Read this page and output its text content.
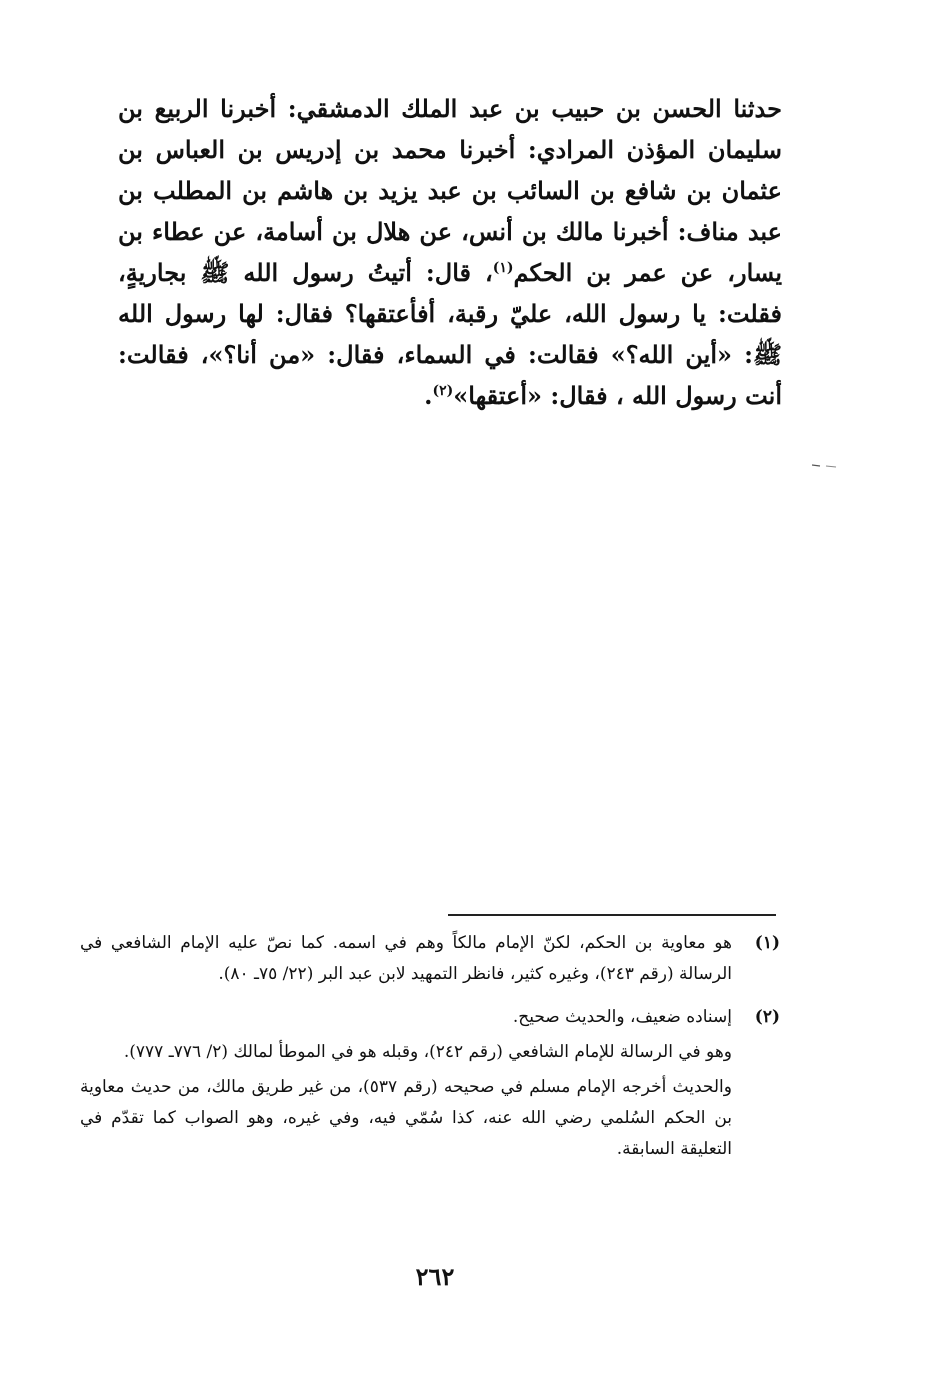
حدثنا الحسن بن حبيب بن عبد الملك الدمشقي: أخبرنا الربيع بن سليمان المؤذن المرادي: أخبرنا محمد بن إدريس بن العباس بن عثمان بن شافع بن السائب بن عبد يزيد بن هاشم بن المطلب بن عبد مناف: أخبرنا مالك بن أنس، عن هلال بن أسامة، عن عطاء بن يسار، عن عمر بن الحكم$^{(١)}$، قال: أتيتُ رسول الله ﷺ بجاريةٍ، فقلت: يا رسول الله، عليّ رقبة، أفأعتقها؟ فقال: لها رسول الله ﷺ: «أين الله؟» فقالت: في السماء، فقال: «من أنا؟»، فقالت: أنت رسول الله ، فقال: «أعتقها»$^{(٢)}$.

(١)

هو معاوية بن الحكم، لكنّ الإمام مالكاً وهم في اسمه. كما نصّ عليه الإمام الشافعي في الرسالة (رقم ٢٤٣)، وغيره كثير، فانظر التمهيد لابن عبد البر (٢٢/ ٧٥ـ ٨٠).

(٢)

إسناده ضعيف، والحديث صحيح.

وهو في الرسالة للإمام الشافعي (رقم ٢٤٢)، وقبله هو في الموطأ لمالك (٢/ ٧٧٦ـ ٧٧٧).

والحديث أخرجه الإمام مسلم في صحيحه (رقم ٥٣٧)، من غير طريق مالك، من حديث معاوية بن الحكم السُلمي رضي الله عنه، كذا سُمّي فيه، وفي غيره، وهو الصواب كما تقدّم في التعليقة السابقة.

٢٦٢
